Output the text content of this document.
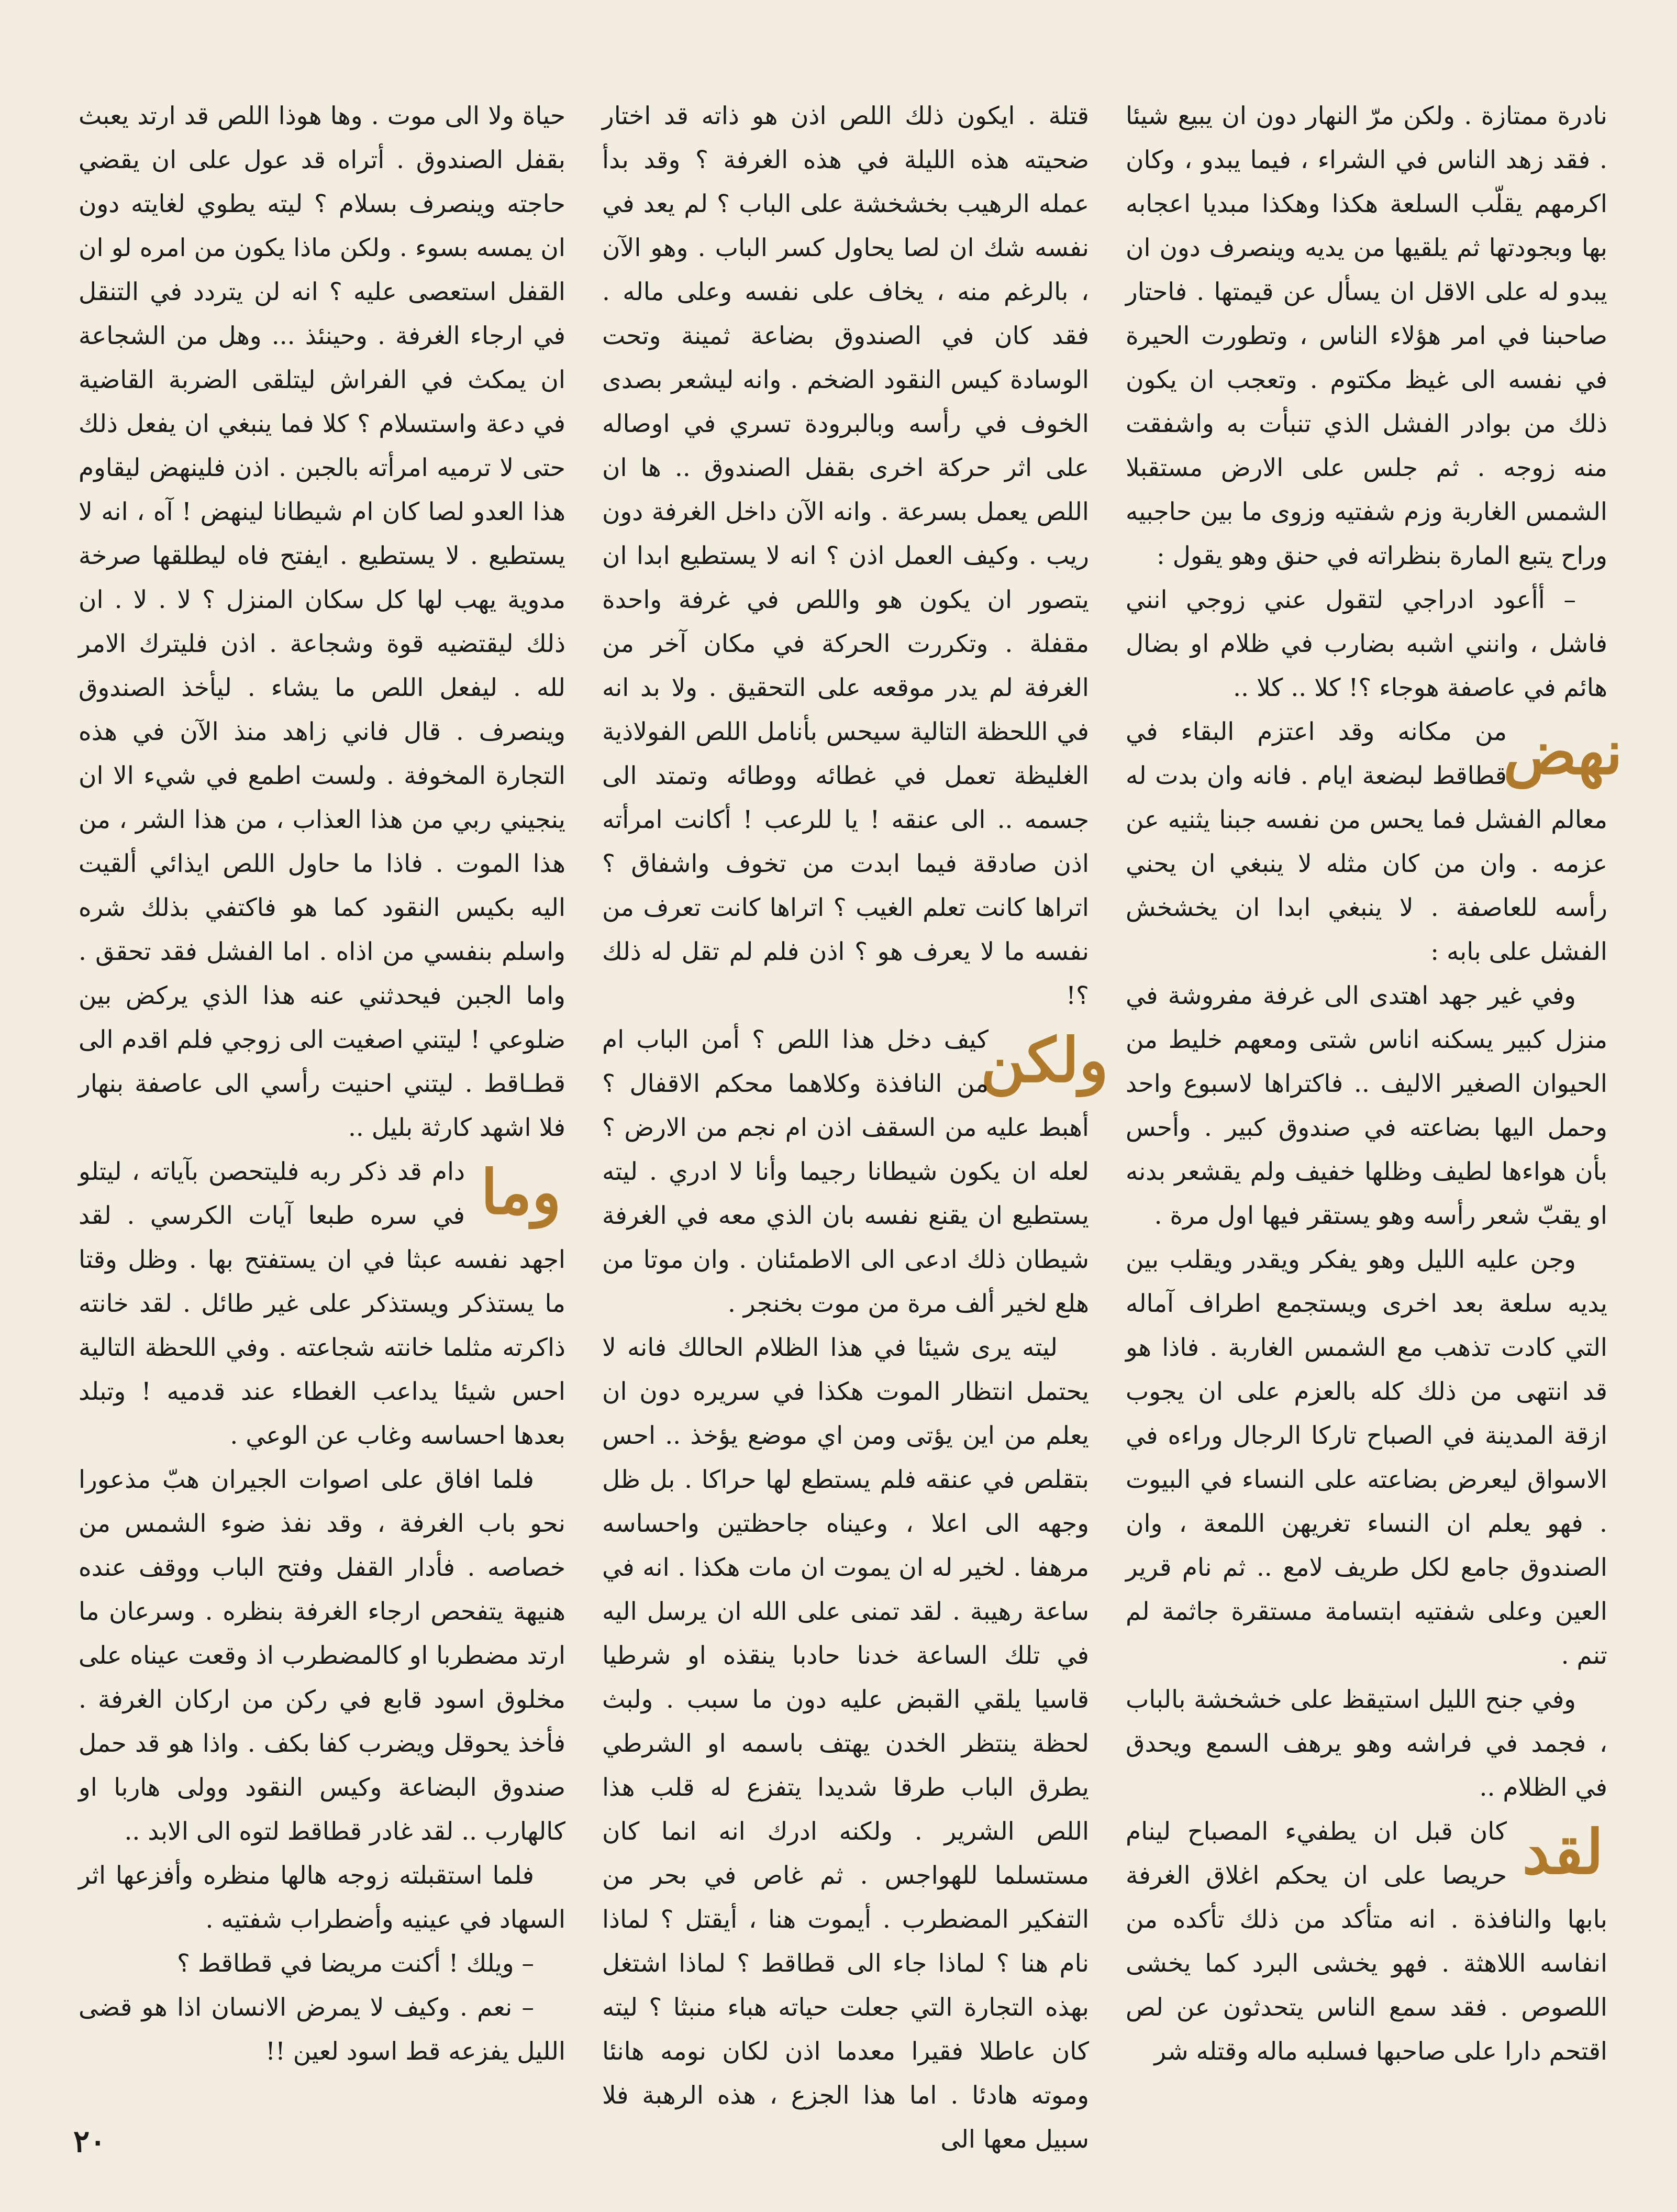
نادرة ممتازة . ولكن مرّ النهار دون ان يبيع شيئا . فقد زهد الناس في الشراء ، فيما يبدو ، وكان اكرمهم يقلّب السلعة هكذا وهكذا مبديا اعجابه بها وبجودتها ثم يلقيها من يديه وينصرف دون ان يبدو له على الاقل ان يسأل عن قيمتها . فاحتار صاحبنا في امر هؤلاء الناس ، وتطورت الحيرة في نفسه الى غيظ مكتوم . وتعجب ان يكون ذلك من بوادر الفشل الذي تنبأت به واشفقت منه زوجه . ثم جلس على الارض مستقبلا الشمس الغاربة وزم شفتيه وزوى ما بين حاجبيه وراح يتبع المارة بنظراته في حنق وهو يقول :

– أأعود ادراجي لتقول عني زوجي انني فاشل ، وانني اشبه بضارب في ظلام او بضال هائم في عاصفة هوجاء ؟! كلا .. كلا ..

نهض
من مكانه وقد اعتزم البقاء في قطاقط لبضعة ايام . فانه وان بدت له معالم الفشل فما يحس من نفسه جبنا يثنيه عن عزمه . وان من كان مثله لا ينبغي ان يحني رأسه للعاصفة . لا ينبغي ابدا ان يخشخش الفشل على بابه :

وفي غير جهد اهتدى الى غرفة مفروشة في منزل كبير يسكنه اناس شتى ومعهم خليط من الحيوان الصغير الاليف .. فاكتراها لاسبوع واحد وحمل اليها بضاعته في صندوق كبير . وأحس بأن هواءها لطيف وظلها خفيف ولم يقشعر بدنه او يقبّ شعر رأسه وهو يستقر فيها اول مرة .

وجن عليه الليل وهو يفكر ويقدر ويقلب بين يديه سلعة بعد اخرى ويستجمع اطراف آماله التي كادت تذهب مع الشمس الغاربة . فاذا هو قد انتهى من ذلك كله بالعزم على ان يجوب ازقة المدينة في الصباح تاركا الرجال وراءه في الاسواق ليعرض بضاعته على النساء في البيوت . فهو يعلم ان النساء تغريهن اللمعة ، وان الصندوق جامع لكل طريف لامع .. ثم نام قرير العين وعلى شفتيه ابتسامة مستقرة جاثمة لم تنم .

وفي جنح الليل استيقظ على خشخشة بالباب ، فجمد في فراشه وهو يرهف السمع ويحدق في الظلام ..

لقد
كان قبل ان يطفيء المصباح لينام حريصا على ان يحكم اغلاق الغرفة بابها والنافذة . انه متأكد من ذلك تأكده من انفاسه اللاهثة . فهو يخشى البرد كما يخشى اللصوص . فقد سمع الناس يتحدثون عن لص اقتحم دارا على صاحبها فسلبه ماله وقتله شر

قتلة . ايكون ذلك اللص اذن هو ذاته قد اختار ضحيته هذه الليلة في هذه الغرفة ؟ وقد بدأ عمله الرهيب بخشخشة على الباب ؟ لم يعد في نفسه شك ان لصا يحاول كسر الباب . وهو الآن ، بالرغم منه ، يخاف على نفسه وعلى ماله . فقد كان في الصندوق بضاعة ثمينة وتحت الوسادة كيس النقود الضخم . وانه ليشعر بصدى الخوف في رأسه وبالبرودة تسري في اوصاله على اثر حركة اخرى بقفل الصندوق .. ها ان اللص يعمل بسرعة . وانه الآن داخل الغرفة دون ريب . وكيف العمل اذن ؟ انه لا يستطيع ابدا ان يتصور ان يكون هو واللص في غرفة واحدة مقفلة . وتكررت الحركة في مكان آخر من الغرفة لم يدر موقعه على التحقيق . ولا بد انه في اللحظة التالية سيحس بأنامل اللص الفولاذية الغليظة تعمل في غطائه ووطائه وتمتد الى جسمه .. الى عنقه ! يا للرعب ! أكانت امرأته اذن صادقة فيما ابدت من تخوف واشفاق ؟ اتراها كانت تعلم الغيب ؟ اتراها كانت تعرف من نفسه ما لا يعرف هو ؟ اذن فلم لم تقل له ذلك ؟!

ولكن
كيف دخل هذا اللص ؟ أمن الباب ام من النافذة وكلاهما محكم الاقفال ؟ أهبط عليه من السقف اذن ام نجم من الارض ؟ لعله ان يكون شيطانا رجيما وأنا لا ادري . ليته يستطيع ان يقنع نفسه بان الذي معه في الغرفة شيطان ذلك ادعى الى الاطمئنان . وان موتا من هلع لخير ألف مرة من موت بخنجر .

ليته يرى شيئا في هذا الظلام الحالك فانه لا يحتمل انتظار الموت هكذا في سريره دون ان يعلم من اين يؤتى ومن اي موضع يؤخذ .. احس بتقلص في عنقه فلم يستطع لها حراكا . بل ظل وجهه الى اعلا ، وعيناه جاحظتين واحساسه مرهفا . لخير له ان يموت ان مات هكذا . انه في ساعة رهيبة . لقد تمنى على الله ان يرسل اليه في تلك الساعة خدنا حادبا ينقذه او شرطيا قاسيا يلقي القبض عليه دون ما سبب . ولبث لحظة ينتظر الخدن يهتف باسمه او الشرطي يطرق الباب طرقا شديدا يتفزع له قلب هذا اللص الشرير . ولكنه ادرك انه انما كان مستسلما للهواجس . ثم غاص في بحر من التفكير المضطرب . أيموت هنا ، أيقتل ؟ لماذا نام هنا ؟ لماذا جاء الى قطاقط ؟ لماذا اشتغل بهذه التجارة التي جعلت حياته هباء منبثا ؟ ليته كان عاطلا فقيرا معدما اذن لكان نومه هانئا وموته هادئا . اما هذا الجزع ، هذه الرهبة فلا سبيل معها الى

حياة ولا الى موت . وها هوذا اللص قد ارتد يعبث بقفل الصندوق . أتراه قد عول على ان يقضي حاجته وينصرف بسلام ؟ ليته يطوي لغايته دون ان يمسه بسوء . ولكن ماذا يكون من امره لو ان القفل استعصى عليه ؟ انه لن يتردد في التنقل في ارجاء الغرفة . وحينئذ ... وهل من الشجاعة ان يمكث في الفراش ليتلقى الضربة القاضية في دعة واستسلام ؟ كلا فما ينبغي ان يفعل ذلك حتى لا ترميه امرأته بالجبن . اذن فلينهض ليقاوم هذا العدو لصا كان ام شيطانا لينهض ! آه ، انه لا يستطيع . لا يستطيع . ايفتح فاه ليطلقها صرخة مدوية يهب لها كل سكان المنزل ؟ لا . لا . ان ذلك ليقتضيه قوة وشجاعة . اذن فليترك الامر لله . ليفعل اللص ما يشاء . ليأخذ الصندوق وينصرف . قال فاني زاهد منذ الآن في هذه التجارة المخوفة . ولست اطمع في شيء الا ان ينجيني ربي من هذا العذاب ، من هذا الشر ، من هذا الموت . فاذا ما حاول اللص ايذائي ألقيت اليه بكيس النقود كما هو فاكتفي بذلك شره واسلم بنفسي من اذاه . اما الفشل فقد تحقق . واما الجبن فيحدثني عنه هذا الذي يركض بين ضلوعي ! ليتني اصغيت الى زوجي فلم اقدم الى قطـاقط . ليتني احنيت رأسي الى عاصفة بنهار فلا اشهد كارثة بليل ..

وما
دام قد ذكر ربه فليتحصن بآياته ، ليتلو في سره طبعا آيات الكرسي . لقد اجهد نفسه عبثا في ان يستفتح بها . وظل وقتا ما يستذكر ويستذكر على غير طائل . لقد خانته ذاكرته مثلما خانته شجاعته . وفي اللحظة التالية احس شيئا يداعب الغطاء عند قدميه ! وتبلد بعدها احساسه وغاب عن الوعي .

فلما افاق على اصوات الجيران هبّ مذعورا نحو باب الغرفة ، وقد نفذ ضوء الشمس من خصاصه . فأدار القفل وفتح الباب ووقف عنده هنيهة يتفحص ارجاء الغرفة بنظره . وسرعان ما ارتد مضطربا او كالمضطرب اذ وقعت عيناه على مخلوق اسود قابع في ركن من اركان الغرفة . فأخذ يحوقل ويضرب كفا بكف . واذا هو قد حمل صندوق البضاعة وكيس النقود وولى هاربا او كالهارب .. لقد غادر قطاقط لتوه الى الابد ..

فلما استقبلته زوجه هالها منظره وأفزعها اثر السهاد في عينيه وأضطراب شفتيه .

– ويلك ! أكنت مريضا في قطاقط ؟

– نعم . وكيف لا يمرض الانسان اذا هو قضى الليل يفزعه قط اسود لعين !!

٢٠
